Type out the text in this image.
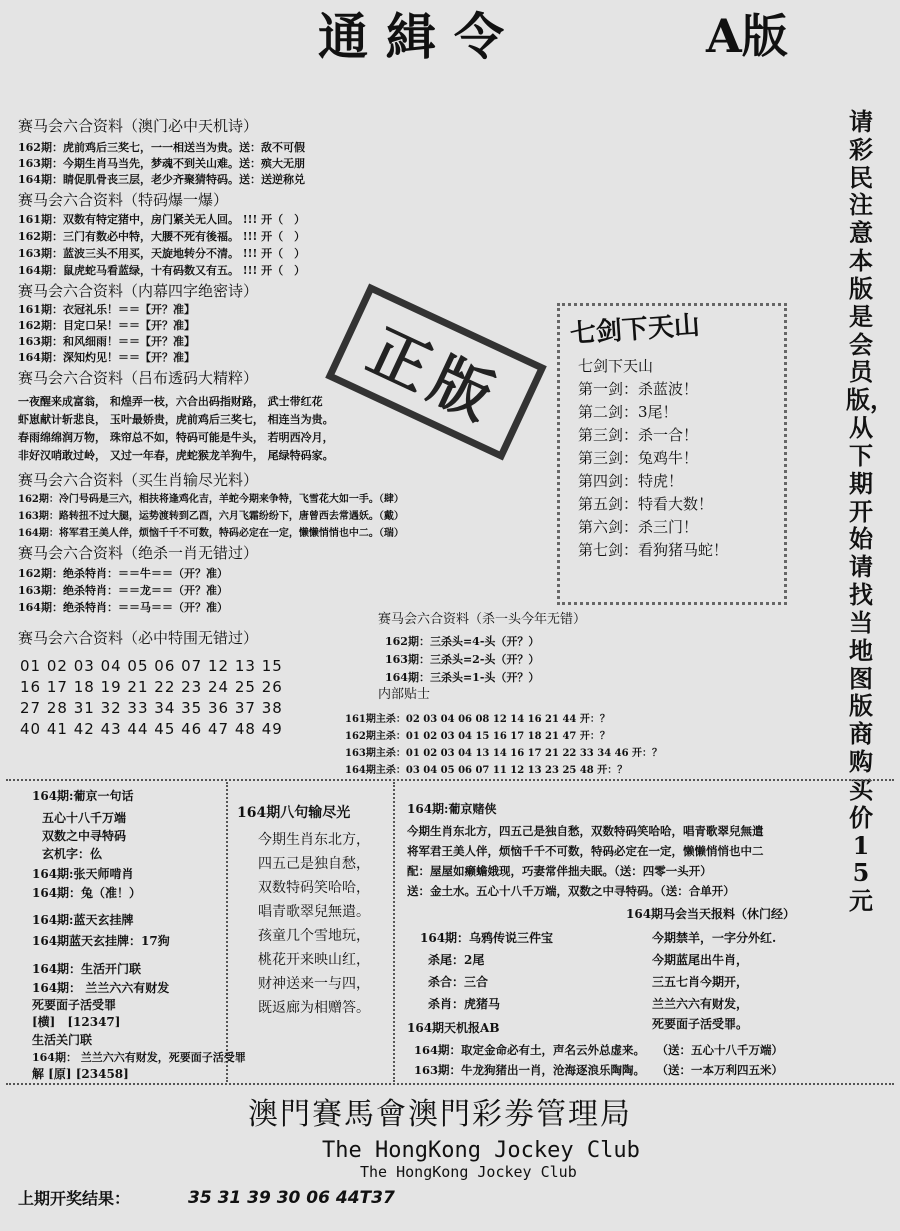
通緝令	A版
请彩民注意本版是会员版，从下期开始请找当地图版商购买价15元
赛马会六合资料（澳门必中天机诗）
162期：虎前鸡后三奖七，一一相送当为贵。送：敌不可假
163期：今期生肖马当先，梦魂不到关山难。送：殡大无朋
164期：睛促肌骨丧三层，老少齐聚猜特码。送：送逆称兑
赛马会六合资料（特码爆一爆）
161期：双数有特定猪中，房门紧关无人回。 !!! 开（　）
162期：三门有数必中特，大腰不死有後福。 !!! 开（　）
163期：蓝波三头不用买，天旋地转分不清。 !!! 开（　）
164期：鼠虎蛇马看蓝绿，十有码数又有五。 !!! 开（　）
赛马会六合资料（内幕四字绝密诗）
161期：衣冠礼乐！＝＝【开？准】
162期：目定口呆！＝＝【开？准】
163期：和风细雨！＝＝【开？准】
164期：深知灼见！＝＝【开？准】
赛马会六合资料（吕布透码大精粹）
一夜醒来成富翁， 和煌弄一枝，六合出码指财路， 武士带红花
虾崽献计斩悲良， 玉叶最娇贵，虎前鸡后三奖七， 相连当为贵。
春雨绵绵润万物， 珠帘总不如，特码可能是牛头， 若明西冷月，
非好汉哨敢过岭， 又过一年春，虎蛇猴龙羊狗牛， 尾绿特码家。
赛马会六合资料（买生肖输尽光料）
162期：冷门号码是三六，相扶将逢鸡化吉，羊蛇今期来争特，飞雪花大如一手。（肆）
163期：路转扭不过大腿，运势渡转到乙酉，六月飞霜纷纷下，唐曾西去常遇妖。（戴）
164期：将军君王美人伴，烦恼千千不可数，特码必定在一定，懒懒悄悄也中二。（瑞）
赛马会六合资料（绝杀一肖无错过）
162期：绝杀特肖：＝＝牛＝＝（开？准）
163期：绝杀特肖：＝＝龙＝＝（开？准）
164期：绝杀特肖：＝＝马＝＝（开？准）
赛马会六合资料（必中特围无错过）
01 02 03 04 05 06 07 12 13 15
16 17 18 19 21 22 23 24 25 26
27 28 31 32 33 34 35 36 37 38
40 41 42 43 44 45 46 47 48 49
正版 七剑下天山
七剑下天山
第一剑：杀蓝波！
第二剑：3尾！
第三剑：杀一合！
第三剑：兔鸡牛！
第四剑：特虎！
第五剑：特看大数！
第六剑：杀三门！
第七剑：看狗猪马蛇！
赛马会六合资料（杀一头今年无错）
162期：三杀头=4-头（开？）
163期：三杀头=2-头（开？）
164期：三杀头=1-头（开？）
内部贴士
161期主杀：02 03 04 06 08 12 14 16 21 44 开：？
162期主杀：01 02 03 04 15 16 17 18 21 47 开：？
163期主杀：01 02 03 04 13 14 16 17 21 22 33 34 46 开：？
164期主杀：03 04 05 06 07 11 12 13 23 25 48 开：？
164期:葡京一句话
五心十八千万端
双数之中寻特码
玄机字：仫
164期:张天师啃肖
164期：兔（准！）
164期:蓝天玄挂牌
164期蓝天玄挂牌：17狗
164期：生活开门联
164期： 兰兰六六有财发
死要面子活受罪
[横]　[12347]
生活关门联
164期： 兰兰六六有财发，死要面子活受罪
解 [原] [23458]
164期八句输尽光
今期生肖东北方，
四五己是独自愁，
双数特码笑哈哈，
唱青歌翠兒無遣。
孩童几个雪地玩，
桃花开来映山红，
财神送来一与四，
既返廊为相赠答。
164期:葡京赌侠
今期生肖东北方，四五己是独自愁，双数特码笑哈哈，唱青歌翠兒無遣
将军君王美人伴，烦恼千千不可数，特码必定在一定，懒懒悄悄也中二
配：屋屋如癞蟾娥现，巧妻常伴拙夫眠。（送：四零一头开）
送：金土水。五心十八千万端，双数之中寻特码。（送：合单开）
164期马会当天报料（休门经）
今期禁羊，一字分外红.
今期蓝尾出牛肖，
三五七肖今期开，
兰兰六六有财发，
死要面子活受罪。
164期：乌鸦传说三件宝
杀尾：2尾
杀合：三合
杀肖：虎猪马
164期天机报AB
164期：取定金命必有土，声名云外总虚来。　　（送：五心十八千万端）
163期：牛龙狗猪出一肖，沧海逐浪乐陶陶。　　（送：一本万利四五米）
澳門賽馬會澳門彩劵管理局
The HongKong Jockey Club
The HongKong Jockey Club
上期开奖结果：	35 31 39 30 06 44T37
